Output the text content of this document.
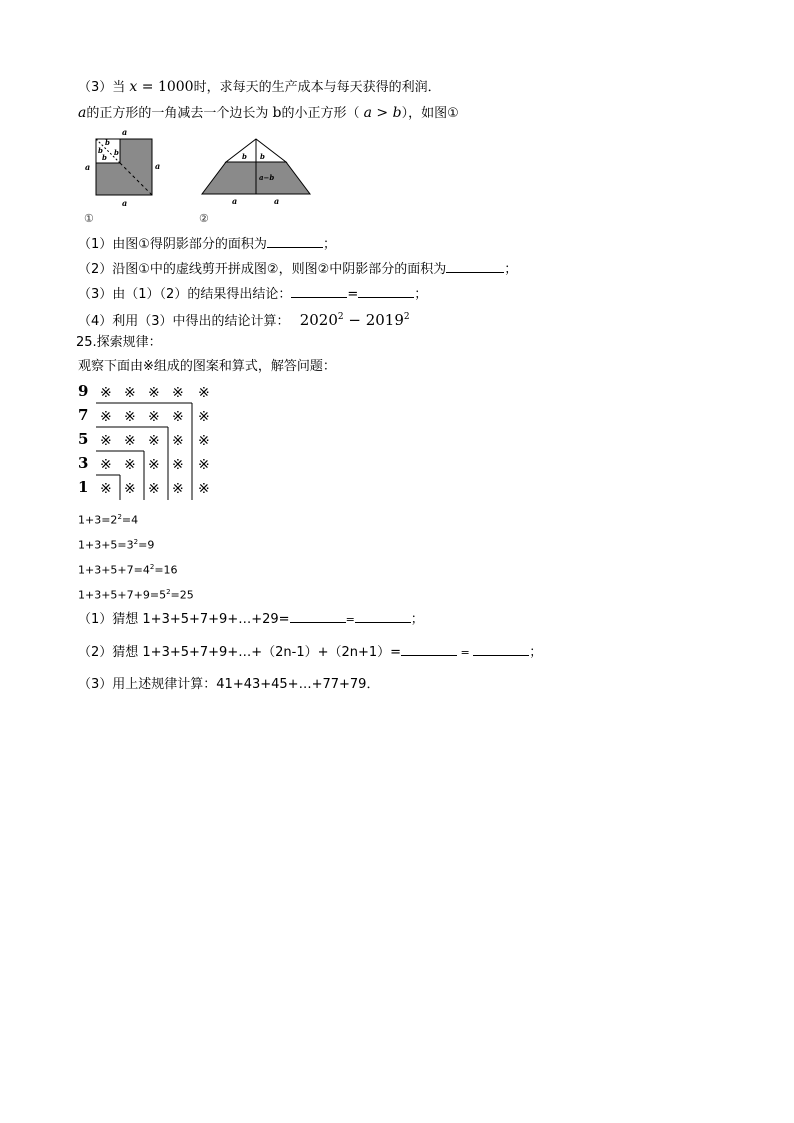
（3）当 x = 1000时，求每天的生产成本与每天获得的利润．
a的正方形的一角减去一个边长为 b的小正方形（ a > b），如图①
a
b
b
b
b
a	a
a
①
b b
a−b
a	a
②
（1）由图①得阴影部分的面积为	；
（2）沿图①中的虚线剪开拼成图②，则图②中阴影部分的面积为	；
（3）由（1）（2）的结果得出结论：	=	；
（4）利用（3）中得出的结论计算： $2020^2 - 2019^2$
25.探索规律：
观察下面由※组成的图案和算式，解答问题：
9
7
5
3
1
※ ※ ※ ※ ※
※ ※ ※ ※ ※
※ ※ ※ ※ ※
※ ※ ※ ※ ※
※ ※ ※ ※ ※
$1+3=2^2=4$
$1+3+5=3^2=9$
$1+3+5+7=4^2=16$
$1+3+5+7+9=5^2=25$
（1）猜想 1+3+5+7+9+…+29=	=	；
（2）猜想 1+3+5+7+9+…+（2n-1）+（2n+1）=	=	；
（3）用上述规律计算：41+43+45+…+77+79．
